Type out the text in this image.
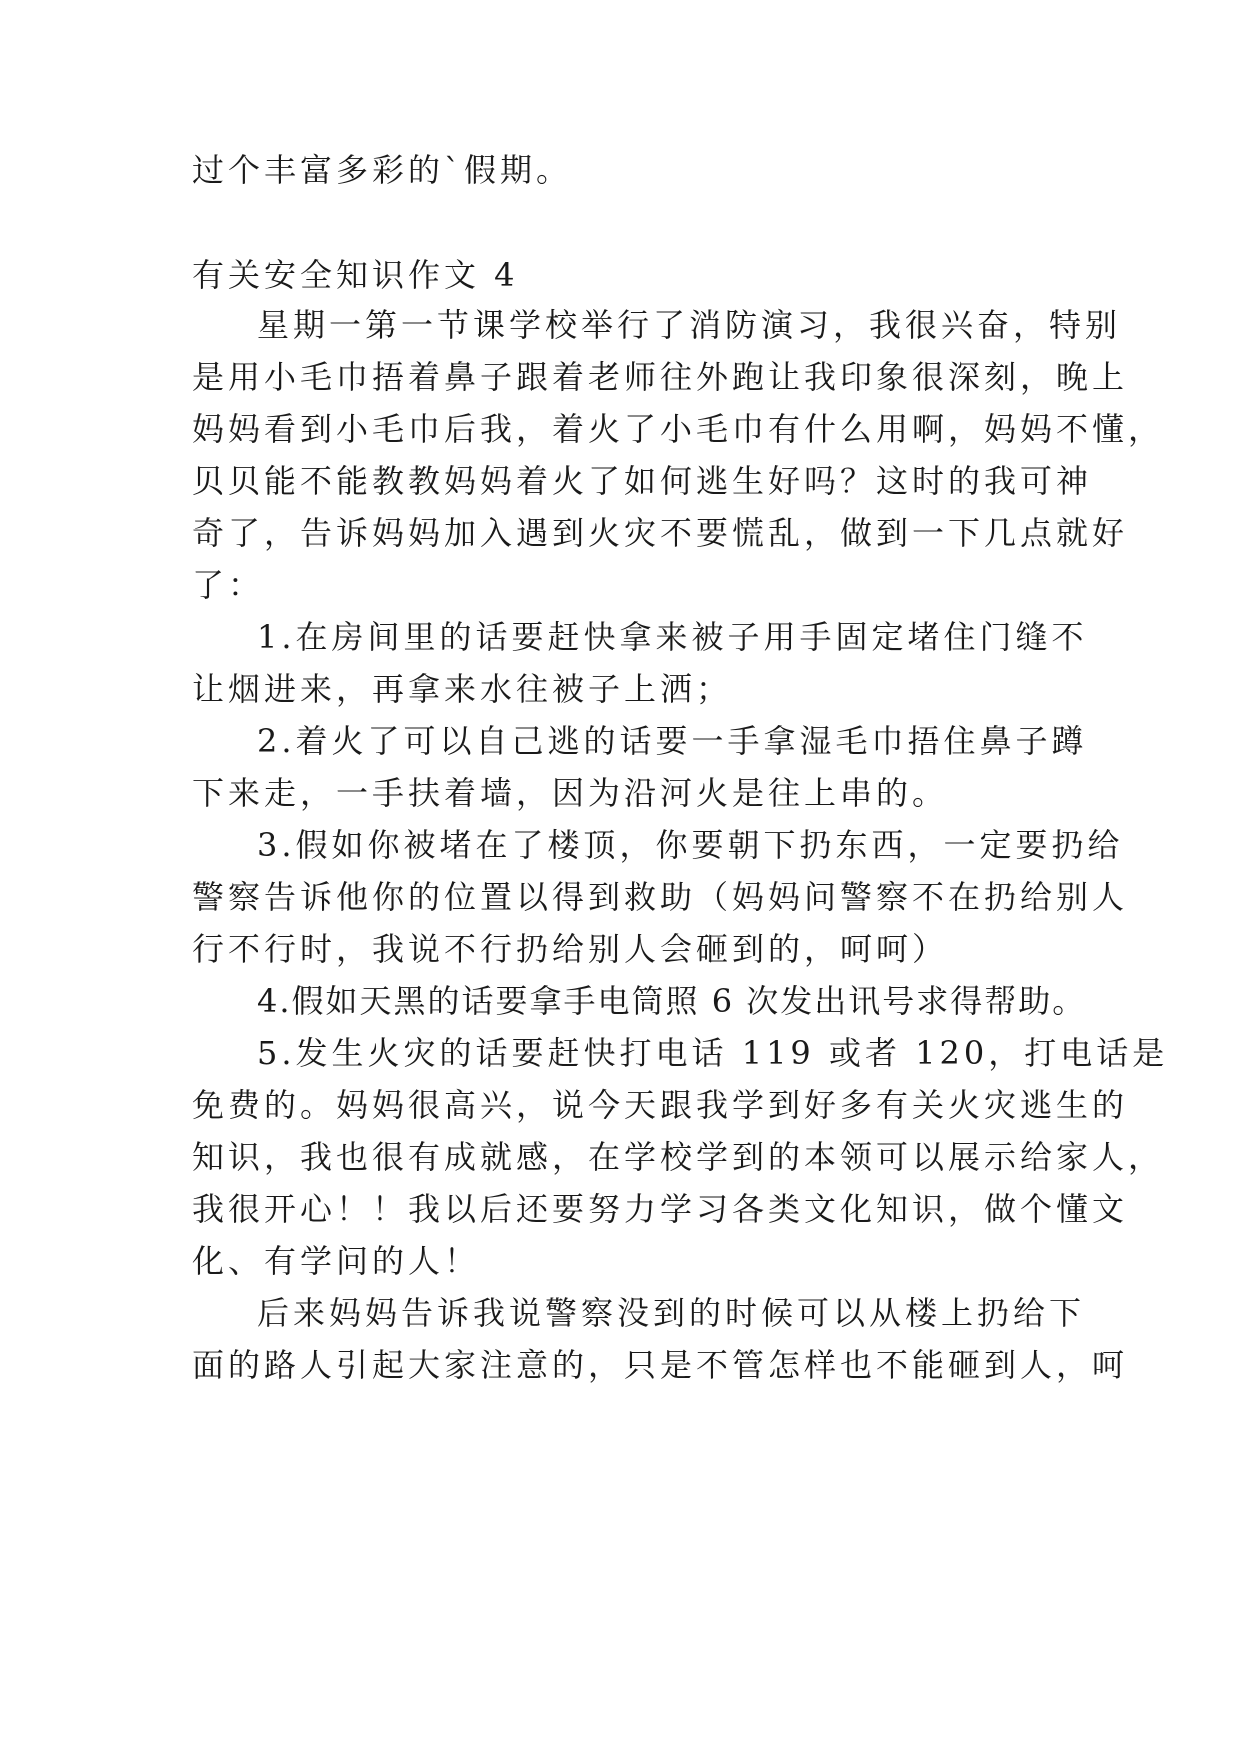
过个丰富多彩的`假期。

有关安全知识作文 4

星期一第一节课学校举行了消防演习，我很兴奋，特别

是用小毛巾捂着鼻子跟着老师往外跑让我印象很深刻，晚上

妈妈看到小毛巾后我，着火了小毛巾有什么用啊，妈妈不懂，

贝贝能不能教教妈妈着火了如何逃生好吗？这时的我可神

奇了，告诉妈妈加入遇到火灾不要慌乱，做到一下几点就好

了：

1.在房间里的话要赶快拿来被子用手固定堵住门缝不

让烟进来，再拿来水往被子上洒；

2.着火了可以自己逃的话要一手拿湿毛巾捂住鼻子蹲

下来走，一手扶着墙，因为沿河火是往上串的。

3.假如你被堵在了楼顶，你要朝下扔东西，一定要扔给

警察告诉他你的位置以得到救助（妈妈问警察不在扔给别人

行不行时，我说不行扔给别人会砸到的，呵呵）

4.假如天黑的话要拿手电筒照 6 次发出讯号求得帮助。

5.发生火灾的话要赶快打电话 119 或者 120，打电话是

免费的。妈妈很高兴，说今天跟我学到好多有关火灾逃生的

知识，我也很有成就感，在学校学到的本领可以展示给家人，

我很开心！！我以后还要努力学习各类文化知识，做个懂文

化、有学问的人！

后来妈妈告诉我说警察没到的时候可以从楼上扔给下

面的路人引起大家注意的，只是不管怎样也不能砸到人，呵
